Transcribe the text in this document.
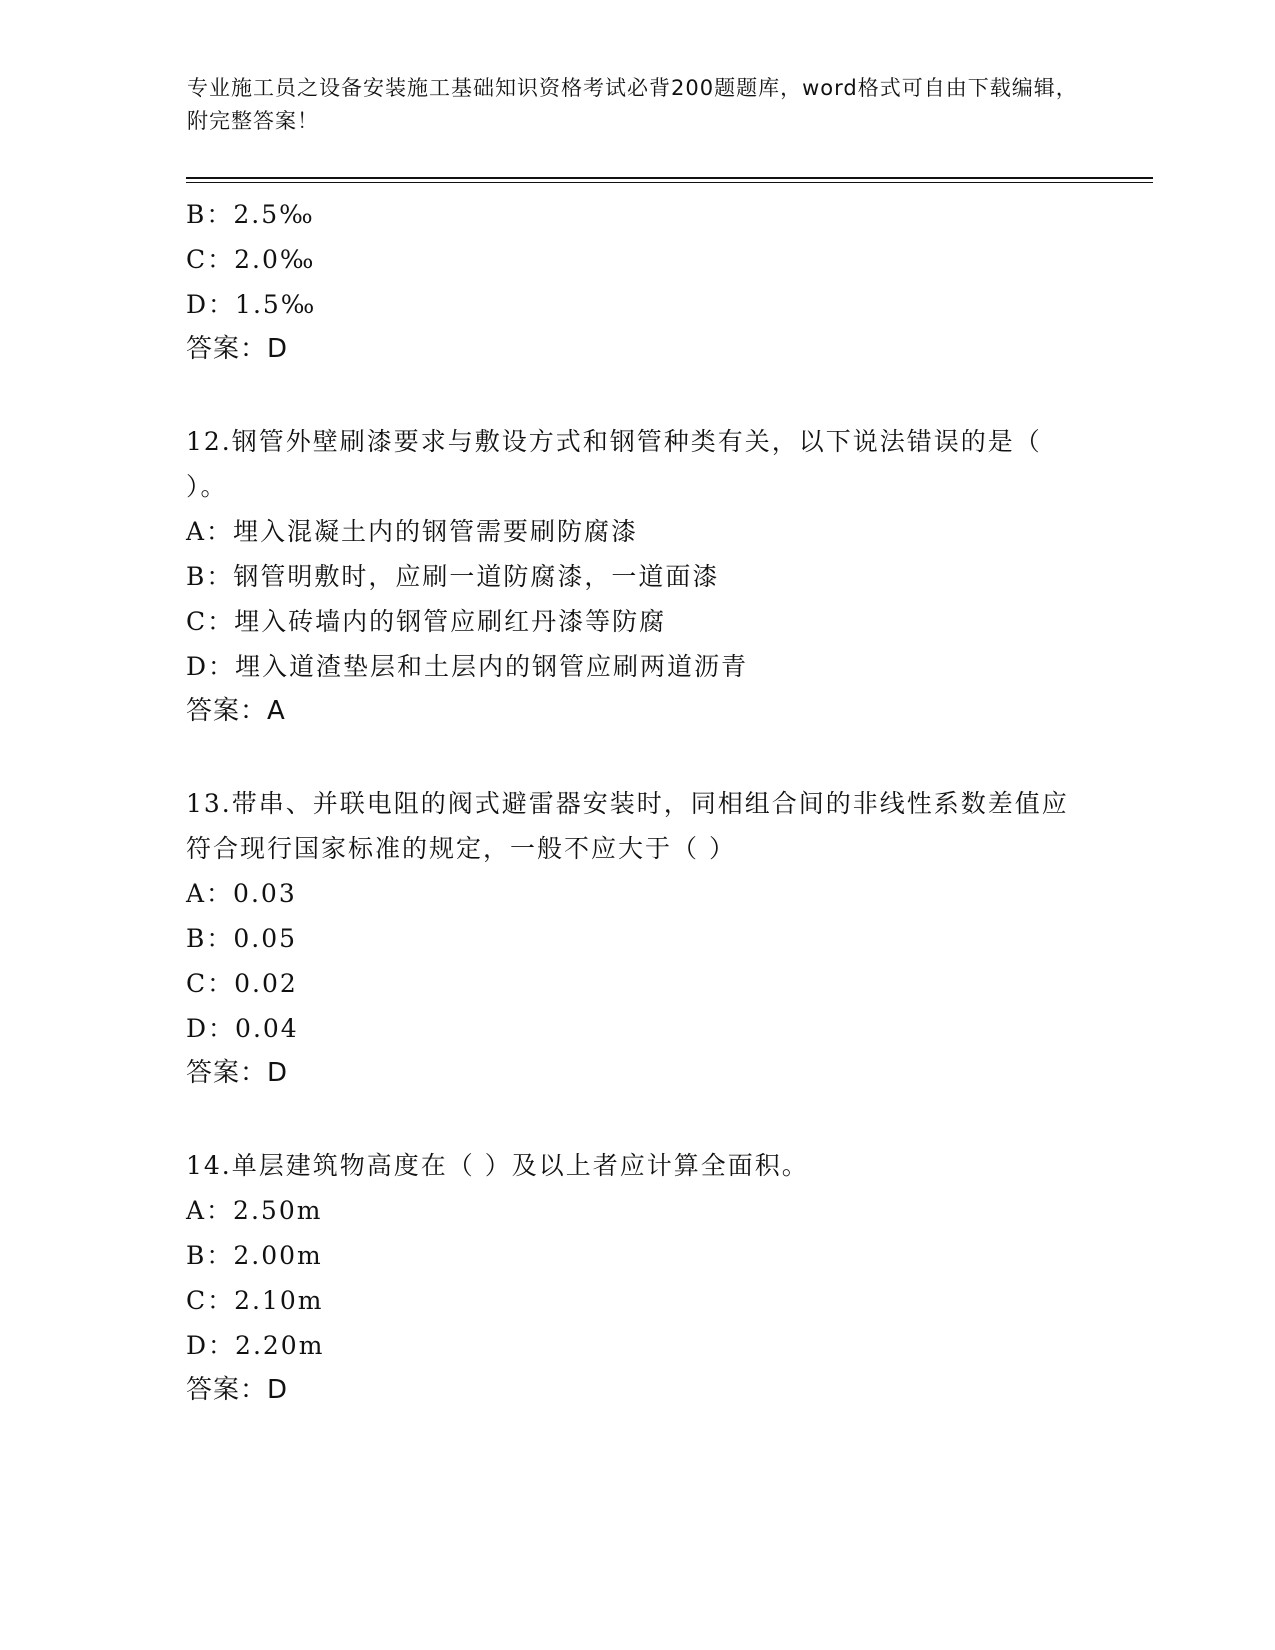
专业施工员之设备安装施工基础知识资格考试必背200题题库，word格式可自由下载编辑，附完整答案！
B：2.5‰
C：2.0‰
D：1.5‰
答案：D
12.钢管外壁刷漆要求与敷设方式和钢管种类有关，以下说法错误的是（ ）。
A：埋入混凝土内的钢管需要刷防腐漆
B：钢管明敷时，应刷一道防腐漆，一道面漆
C：埋入砖墙内的钢管应刷红丹漆等防腐
D：埋入道渣垫层和土层内的钢管应刷两道沥青
答案：A
13.带串、并联电阻的阀式避雷器安装时，同相组合间的非线性系数差值应符合现行国家标准的规定，一般不应大于（ ）
A：0.03
B：0.05
C：0.02
D：0.04
答案：D
14.单层建筑物高度在（ ）及以上者应计算全面积。
A：2.50m
B：2.00m
C：2.10m
D：2.20m
答案：D
